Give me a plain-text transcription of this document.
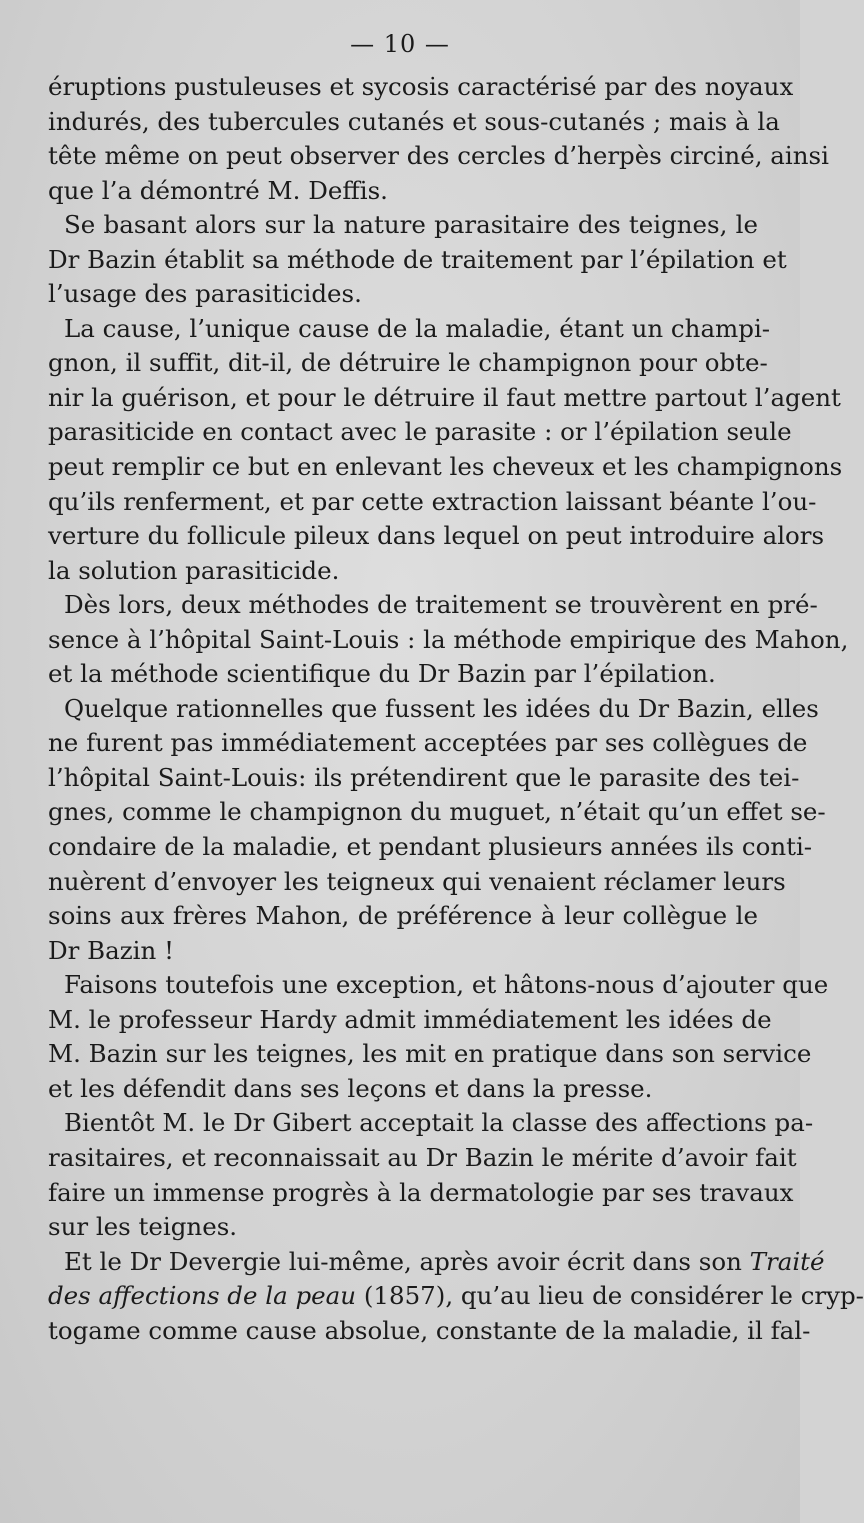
— 10 —
éruptions pustuleuses et sycosis caractérisé par des noyaux
indurés, des tubercules cutanés et sous-cutanés ; mais à la
tête même on peut observer des cercles d’herpès circiné, ainsi
que l’a démontré M. Deffis.
Se basant alors sur la nature parasitaire des teignes, le
Dr Bazin établit sa méthode de traitement par l’épilation et
l’usage des parasiticides.
La cause, l’unique cause de la maladie, étant un champi-
gnon, il suffit, dit-il, de détruire le champignon pour obte-
nir la guérison, et pour le détruire il faut mettre partout l’agent
parasiticide en contact avec le parasite : or l’épilation seule
peut remplir ce but en enlevant les cheveux et les champignons
qu’ils renferment, et par cette extraction laissant béante l’ou-
verture du follicule pileux dans lequel on peut introduire alors
la solution parasiticide.
Dès lors, deux méthodes de traitement se trouvèrent en pré-
sence à l’hôpital Saint-Louis : la méthode empirique des Mahon,
et la méthode scientifique du Dr Bazin par l’épilation.
Quelque rationnelles que fussent les idées du Dr Bazin, elles
ne furent pas immédiatement acceptées par ses collègues de
l’hôpital Saint-Louis: ils prétendirent que le parasite des tei-
gnes, comme le champignon du muguet, n’était qu’un effet se-
condaire de la maladie, et pendant plusieurs années ils conti-
nuèrent d’envoyer les teigneux qui venaient réclamer leurs
soins aux frères Mahon, de préférence à leur collègue le
Dr Bazin !
Faisons toutefois une exception, et hâtons-nous d’ajouter que
M. le professeur Hardy admit immédiatement les idées de
M. Bazin sur les teignes, les mit en pratique dans son service
et les défendit dans ses leçons et dans la presse.
Bientôt M. le Dr Gibert acceptait la classe des affections pa-
rasitaires, et reconnaissait au Dr Bazin le mérite d’avoir fait
faire un immense progrès à la dermatologie par ses travaux
sur les teignes.
Et le Dr Devergie lui-même, après avoir écrit dans son Traité
des affections de la peau (1857), qu’au lieu de considérer le cryp-
togame comme cause absolue, constante de la maladie, il fal-
